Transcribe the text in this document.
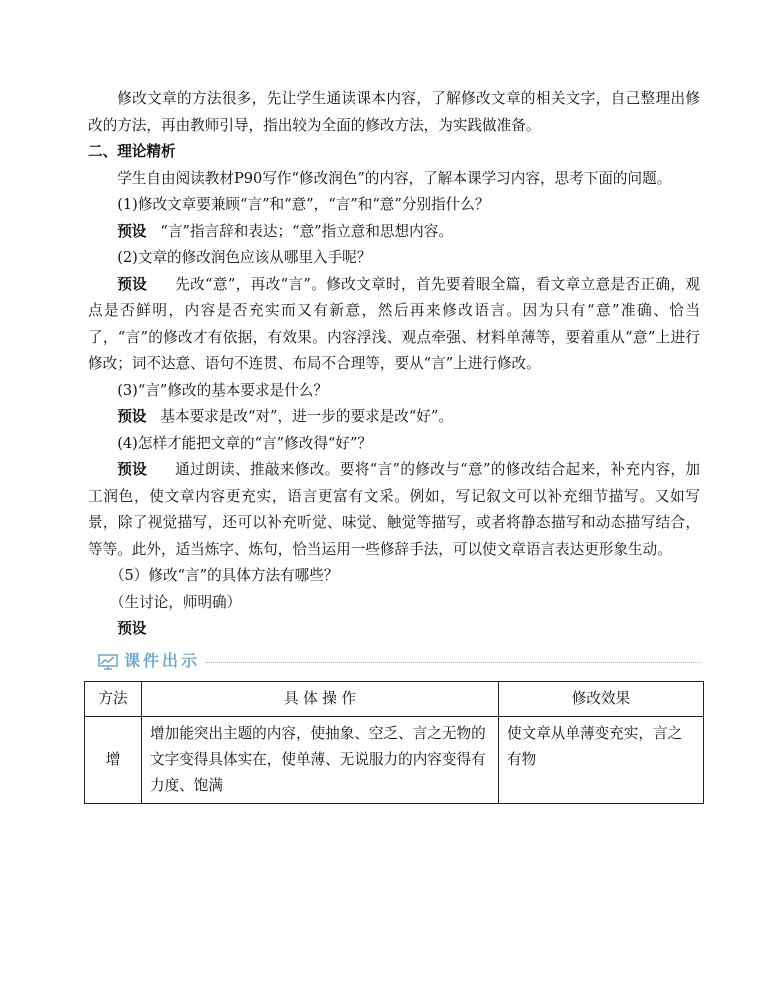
修改文章的方法很多，先让学生通读课本内容，了解修改文章的相关文字，自己整理出修改的方法，再由教师引导，指出较为全面的修改方法，为实践做准备。

二、理论精析

学生自由阅读教材P90写作“修改润色”的内容，了解本课学习内容，思考下面的问题。

(1)修改文章要兼顾“言”和“意”，“言”和“意”分别指什么？

预设 “言”指言辞和表达；“意”指立意和思想内容。

(2)文章的修改润色应该从哪里入手呢？

预设 先改“意”，再改“言”。修改文章时，首先要着眼全篇，看文章立意是否正确，观点是否鲜明，内容是否充实而又有新意，然后再来修改语言。因为只有“意”准确、恰当了，“言”的修改才有依据，有效果。内容浮浅、观点牵强、材料单薄等，要着重从“意”上进行修改；词不达意、语句不连贯、布局不合理等，要从“言”上进行修改。

(3)“言”修改的基本要求是什么？

预设 基本要求是改“对”，进一步的要求是改“好”。

(4)怎样才能把文章的“言”修改得“好”？

预设 通过朗读、推敲来修改。要将“言”的修改与“意”的修改结合起来，补充内容，加工润色，使文章内容更充实，语言更富有文采。例如，写记叙文可以补充细节描写。又如写景，除了视觉描写，还可以补充听觉、味觉、触觉等描写，或者将静态描写和动态描写结合，等等。此外，适当炼字、炼句，恰当运用一些修辞手法，可以使文章语言表达更形象生动。

（5）修改“言”的具体方法有哪些？

（生讨论，师明确）

预设

课件出示
方法	具 体 操 作	修改效果
增	增加能突出主题的内容，使抽象、空乏、言之无物的文字变得具体实在，使单薄、无说服力的内容变得有力度、饱满	使文章从单薄变充实，言之有物
